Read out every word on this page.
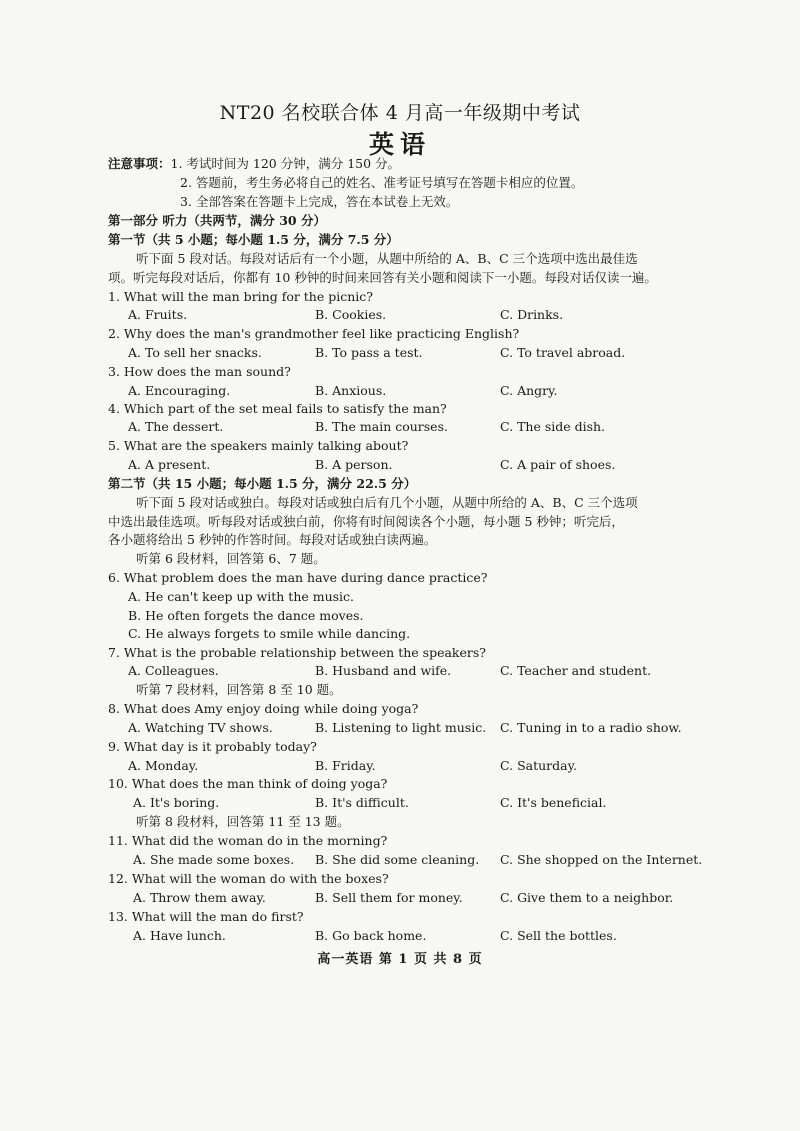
NT20 名校联合体 4 月高一年级期中考试
英语
注意事项：1. 考试时间为 120 分钟，满分 150 分。
2. 答题前，考生务必将自己的姓名、准考证号填写在答题卡相应的位置。
3. 全部答案在答题卡上完成，答在本试卷上无效。
第一部分 听力（共两节，满分 30 分）
第一节（共 5 小题；每小题 1.5 分，满分 7.5 分）
听下面 5 段对话。每段对话后有一个小题，从题中所给的 A、B、C 三个选项中选出最佳选
项。听完每段对话后，你都有 10 秒钟的时间来回答有关小题和阅读下一小题。每段对话仅读一遍。
1. What will the man bring for the picnic?
A. Fruits.	B. Cookies.	C. Drinks.
2. Why does the man's grandmother feel like practicing English?
A. To sell her snacks.	B. To pass a test.	C. To travel abroad.
3. How does the man sound?
A. Encouraging.	B. Anxious.	C. Angry.
4. Which part of the set meal fails to satisfy the man?
A. The dessert.	B. The main courses.	C. The side dish.
5. What are the speakers mainly talking about?
A. A present.	B. A person.	C. A pair of shoes.
第二节（共 15 小题；每小题 1.5 分，满分 22.5 分）
听下面 5 段对话或独白。每段对话或独白后有几个小题，从题中所给的 A、B、C 三个选项
中选出最佳选项。听每段对话或独白前，你将有时间阅读各个小题，每小题 5 秒钟；听完后，
各小题将给出 5 秒钟的作答时间。每段对话或独白读两遍。
听第 6 段材料，回答第 6、7 题。
6. What problem does the man have during dance practice?
A. He can't keep up with the music.
B. He often forgets the dance moves.
C. He always forgets to smile while dancing.
7. What is the probable relationship between the speakers?
A. Colleagues.	B. Husband and wife.	C. Teacher and student.
听第 7 段材料，回答第 8 至 10 题。
8. What does Amy enjoy doing while doing yoga?
A. Watching TV shows.	B. Listening to light music. C. Tuning in to a radio show.
9. What day is it probably today?
A. Monday.	B. Friday.	C. Saturday.
10. What does the man think of doing yoga?
A. It's boring.	B. It's difficult.	C. It's beneficial.
听第 8 段材料，回答第 11 至 13 题。
11. What did the woman do in the morning?
A. She made some boxes. B. She did some cleaning. C. She shopped on the Internet.
12. What will the woman do with the boxes?
A. Throw them away.	B. Sell them for money.	C. Give them to a neighbor.
13. What will the man do first?
A. Have lunch.	B. Go back home.	C. Sell the bottles.
高一英语 第 1 页 共 8 页
